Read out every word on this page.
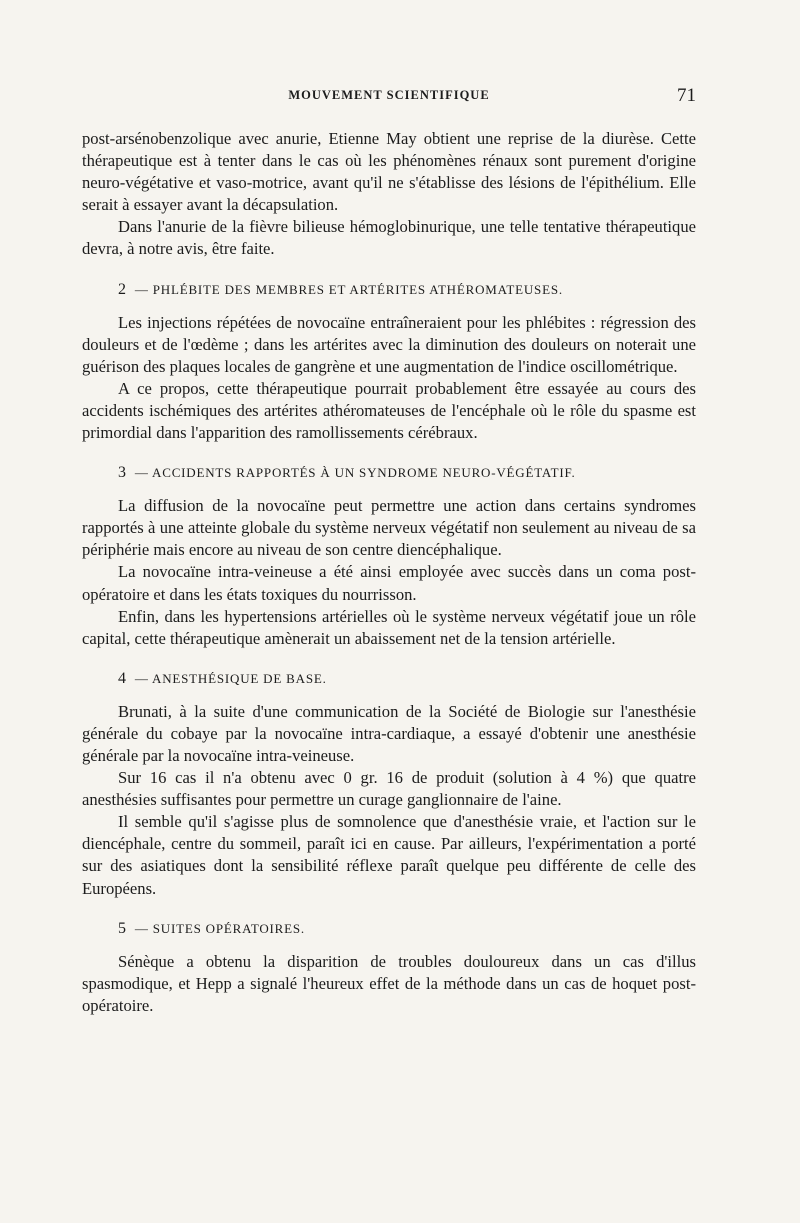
MOUVEMENT SCIENTIFIQUE	71

post-arsénobenzolique avec anurie, Etienne May obtient une reprise de la diurèse. Cette thérapeutique est à tenter dans le cas où les phénomènes rénaux sont purement d'origine neuro-végétative et vaso-motrice, avant qu'il ne s'établisse des lésions de l'épithélium. Elle serait à essayer avant la décapsulation.

Dans l'anurie de la fièvre bilieuse hémoglobinurique, une telle tentative thérapeutique devra, à notre avis, être faite.

2 — PHLÉBITE DES MEMBRES ET ARTÉRITES ATHÉROMATEUSES.

Les injections répétées de novocaïne entraîneraient pour les phlébites : régression des douleurs et de l'œdème ; dans les artérites avec la diminution des douleurs on noterait une guérison des plaques locales de gangrène et une augmentation de l'indice oscillométrique.

A ce propos, cette thérapeutique pourrait probablement être essayée au cours des accidents ischémiques des artérites athéromateuses de l'encéphale où le rôle du spasme est primordial dans l'apparition des ramollissements cérébraux.

3 — ACCIDENTS RAPPORTÉS À UN SYNDROME NEURO-VÉGÉTATIF.

La diffusion de la novocaïne peut permettre une action dans certains syndromes rapportés à une atteinte globale du système nerveux végétatif non seulement au niveau de sa périphérie mais encore au niveau de son centre diencéphalique.

La novocaïne intra-veineuse a été ainsi employée avec succès dans un coma post-opératoire et dans les états toxiques du nourrisson.

Enfin, dans les hypertensions artérielles où le système nerveux végétatif joue un rôle capital, cette thérapeutique amènerait un abaissement net de la tension artérielle.

4 — ANESTHÉSIQUE DE BASE.

Brunati, à la suite d'une communication de la Société de Biologie sur l'anesthésie générale du cobaye par la novocaïne intra-cardiaque, a essayé d'obtenir une anesthésie générale par la novocaïne intra-veineuse.

Sur 16 cas il n'a obtenu avec 0 gr. 16 de produit (solution à 4 %) que quatre anesthésies suffisantes pour permettre un curage ganglionnaire de l'aine.

Il semble qu'il s'agisse plus de somnolence que d'anesthésie vraie, et l'action sur le diencéphale, centre du sommeil, paraît ici en cause. Par ailleurs, l'expérimentation a porté sur des asiatiques dont la sensibilité réflexe paraît quelque peu différente de celle des Européens.

5 — SUITES OPÉRATOIRES.

Sénèque a obtenu la disparition de troubles douloureux dans un cas d'illus spasmodique, et Hepp a signalé l'heureux effet de la méthode dans un cas de hoquet post-opératoire.
